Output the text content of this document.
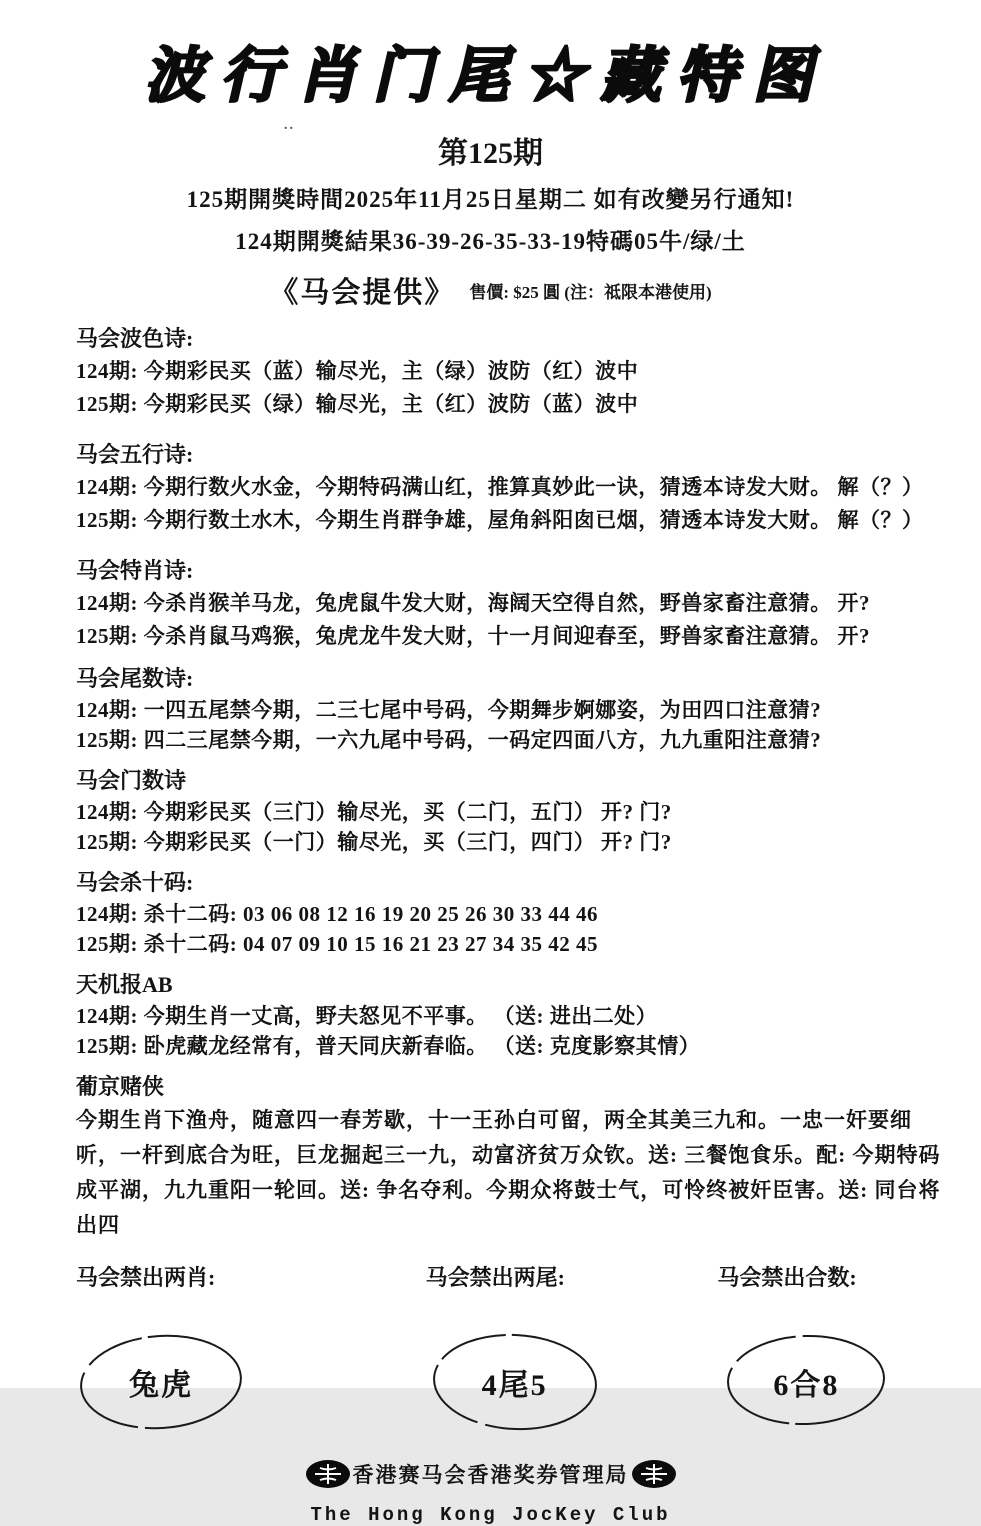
波行肖门尾☆藏特图
..
第125期
125期開獎時間2025年11月25日星期二 如有改變另行通知!
124期開獎結果36-39-26-35-33-19特碼05牛/绿/土
《马会提供》 售價: $25 圓 (注：祗限本港使用)
马会波色诗:
124期: 今期彩民买（蓝）输尽光，主（绿）波防（红）波中
125期: 今期彩民买（绿）输尽光，主（红）波防（蓝）波中
马会五行诗:
124期: 今期行数火水金，今期特码满山红，推算真妙此一诀，猜透本诗发大财。 解（？）
125期: 今期行数土水木，今期生肖群争雄，屋角斜阳囱已烟，猜透本诗发大财。 解（？）
马会特肖诗:
124期: 今杀肖猴羊马龙，兔虎鼠牛发大财，海阔天空得自然，野兽家畜注意猜。 开?
125期: 今杀肖鼠马鸡猴，兔虎龙牛发大财，十一月间迎春至，野兽家畜注意猜。 开?
马会尾数诗:
124期: 一四五尾禁今期，二三七尾中号码，今期舞步婀娜姿，为田四口注意猜?
125期: 四二三尾禁今期，一六九尾中号码，一码定四面八方，九九重阳注意猜?
马会门数诗
124期: 今期彩民买（三门）输尽光，买（二门，五门） 开? 门?
125期: 今期彩民买（一门）输尽光，买（三门，四门） 开? 门?
马会杀十码:
124期: 杀十二码: 03 06 08 12 16 19 20 25 26 30 33 44 46
125期: 杀十二码: 04 07 09 10 15 16 21 23 27 34 35 42 45
天机报AB
124期: 今期生肖一丈高，野夫怒见不平事。 （送: 进出二处）
125期: 卧虎藏龙经常有，普天同庆新春临。 （送: 克度影察其情）
葡京赌侠
今期生肖下渔舟，随意四一春芳歇，十一王孙白可留，两全其美三九和。一忠一奸要细听，一杆到底合为旺，巨龙掘起三一九，动富济贫万众钦。送: 三餐饱食乐。配: 今期特码成平湖，九九重阳一轮回。送: 争名夺利。今期众将鼓士气，可怜终被奸臣害。送: 同台将出四
马会禁出两肖:
兔虎
马会禁出两尾:
4尾5
马会禁出合数:
6合8
香港赛马会香港奖券管理局
The Hong Kong JocKey Club
